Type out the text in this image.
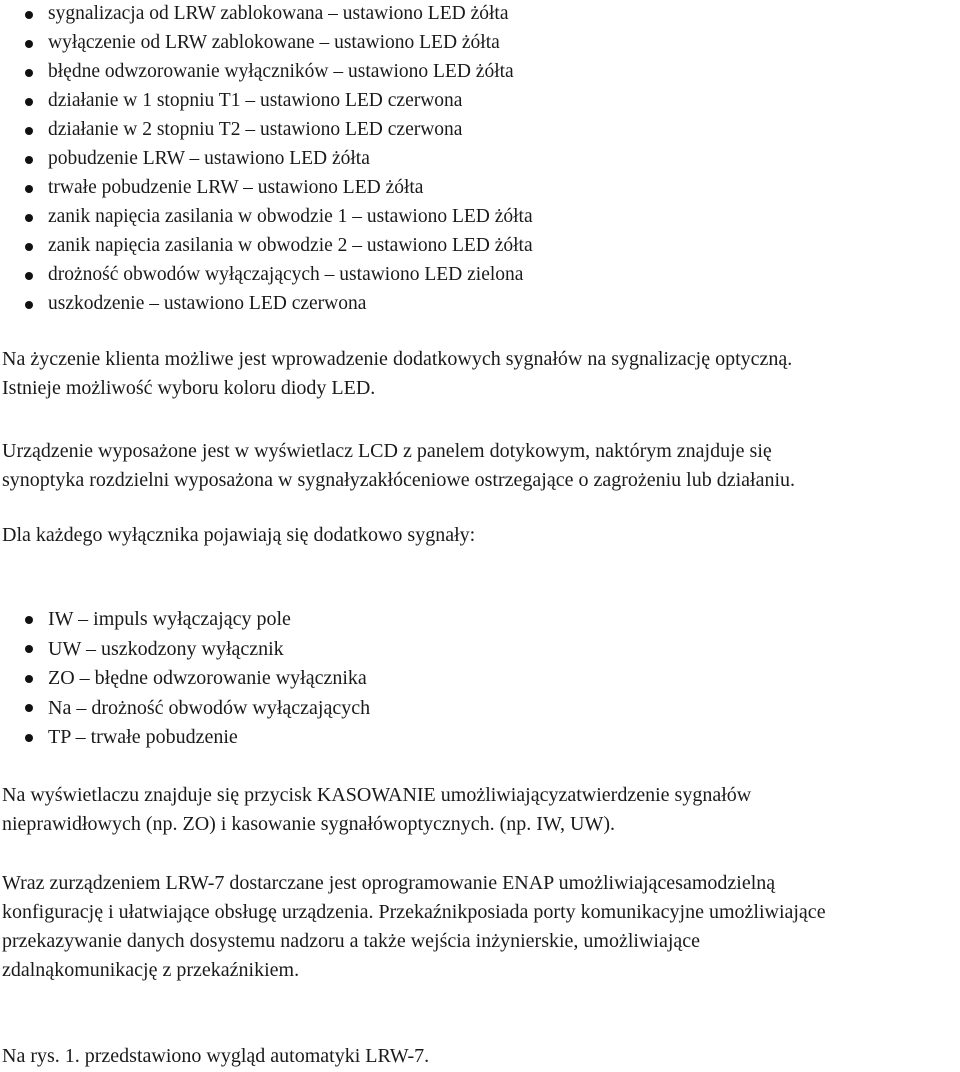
sygnalizacja od LRW zablokowana – ustawiono LED żółta
wyłączenie od LRW zablokowane – ustawiono LED żółta
błędne odwzorowanie wyłączników – ustawiono LED żółta
działanie w 1 stopniu T1 – ustawiono LED czerwona
działanie w 2 stopniu T2 – ustawiono LED czerwona
pobudzenie LRW – ustawiono LED żółta
trwałe pobudzenie LRW – ustawiono LED żółta
zanik napięcia zasilania w obwodzie 1 – ustawiono LED żółta
zanik napięcia zasilania w obwodzie 2 – ustawiono LED żółta
drożność obwodów wyłączających – ustawiono LED zielona
uszkodzenie – ustawiono LED czerwona

Na życzenie klienta możliwe jest wprowadzenie dodatkowych sygnałów na sygnalizację optyczną.
Istnieje możliwość wyboru koloru diody LED.

Urządzenie wyposażone jest w wyświetlacz LCD z panelem dotykowym, naktórym znajduje się
synoptyka rozdzielni wyposażona w sygnałyzakłóceniowe ostrzegające o zagrożeniu lub działaniu.

Dla każdego wyłącznika pojawiają się dodatkowo sygnały:

IW – impuls wyłączający pole
UW – uszkodzony wyłącznik
ZO – błędne odwzorowanie wyłącznika
Na – drożność obwodów wyłączających
TP – trwałe pobudzenie

Na wyświetlaczu znajduje się przycisk KASOWANIE umożliwiającyzatwierdzenie sygnałów
nieprawidłowych (np. ZO) i kasowanie sygnałówoptycznych. (np. IW, UW).

Wraz zurządzeniem LRW-7 dostarczane jest oprogramowanie ENAP umożliwiającesamodzielną
konfigurację i ułatwiające obsługę urządzenia. Przekaźnikposiada porty komunikacyjne umożliwiające
przekazywanie danych dosystemu nadzoru a także wejścia inżynierskie, umożliwiające
zdalnąkomunikację z przekaźnikiem.

Na rys. 1. przedstawiono wygląd automatyki LRW-7.
